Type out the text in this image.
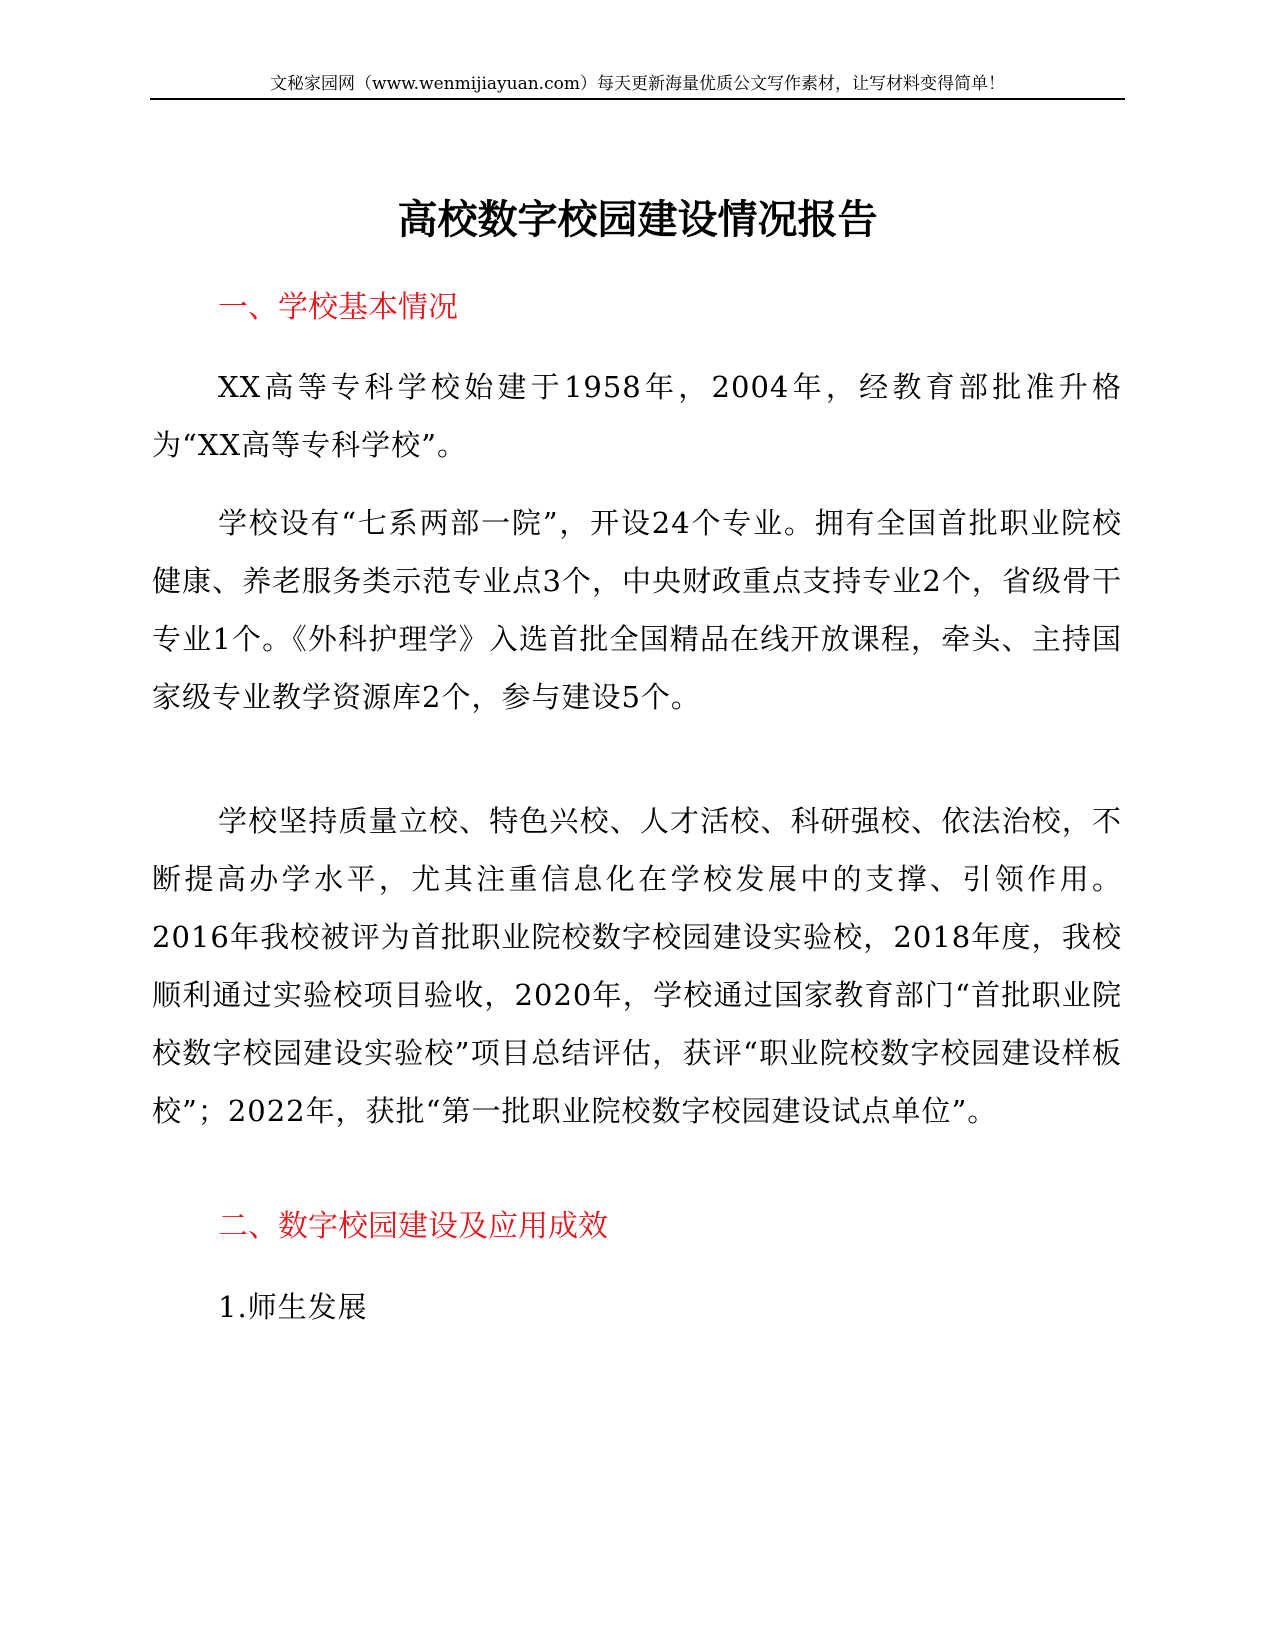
文秘家园网（www.wenmijiayuan.com）每天更新海量优质公文写作素材，让写材料变得简单！
高校数字校园建设情况报告
一、学校基本情况

XX高等专科学校始建于1958年，2004年，经教育部批准升格为“XX高等专科学校”。

学校设有“七系两部一院”，开设24个专业。拥有全国首批职业院校健康、养老服务类示范专业点3个，中央财政重点支持专业2个，省级骨干专业1个。《外科护理学》入选首批全国精品在线开放课程，牵头、主持国家级专业教学资源库2个，参与建设5个。

学校坚持质量立校、特色兴校、人才活校、科研强校、依法治校，不断提高办学水平，尤其注重信息化在学校发展中的支撑、引领作用。2016年我校被评为首批职业院校数字校园建设实验校，2018年度，我校顺利通过实验校项目验收，2020年，学校通过国家教育部门“首批职业院校数字校园建设实验校”项目总结评估，获评“职业院校数字校园建设样板校”；2022年，获批“第一批职业院校数字校园建设试点单位”。

二、数字校园建设及应用成效
1.师生发展
